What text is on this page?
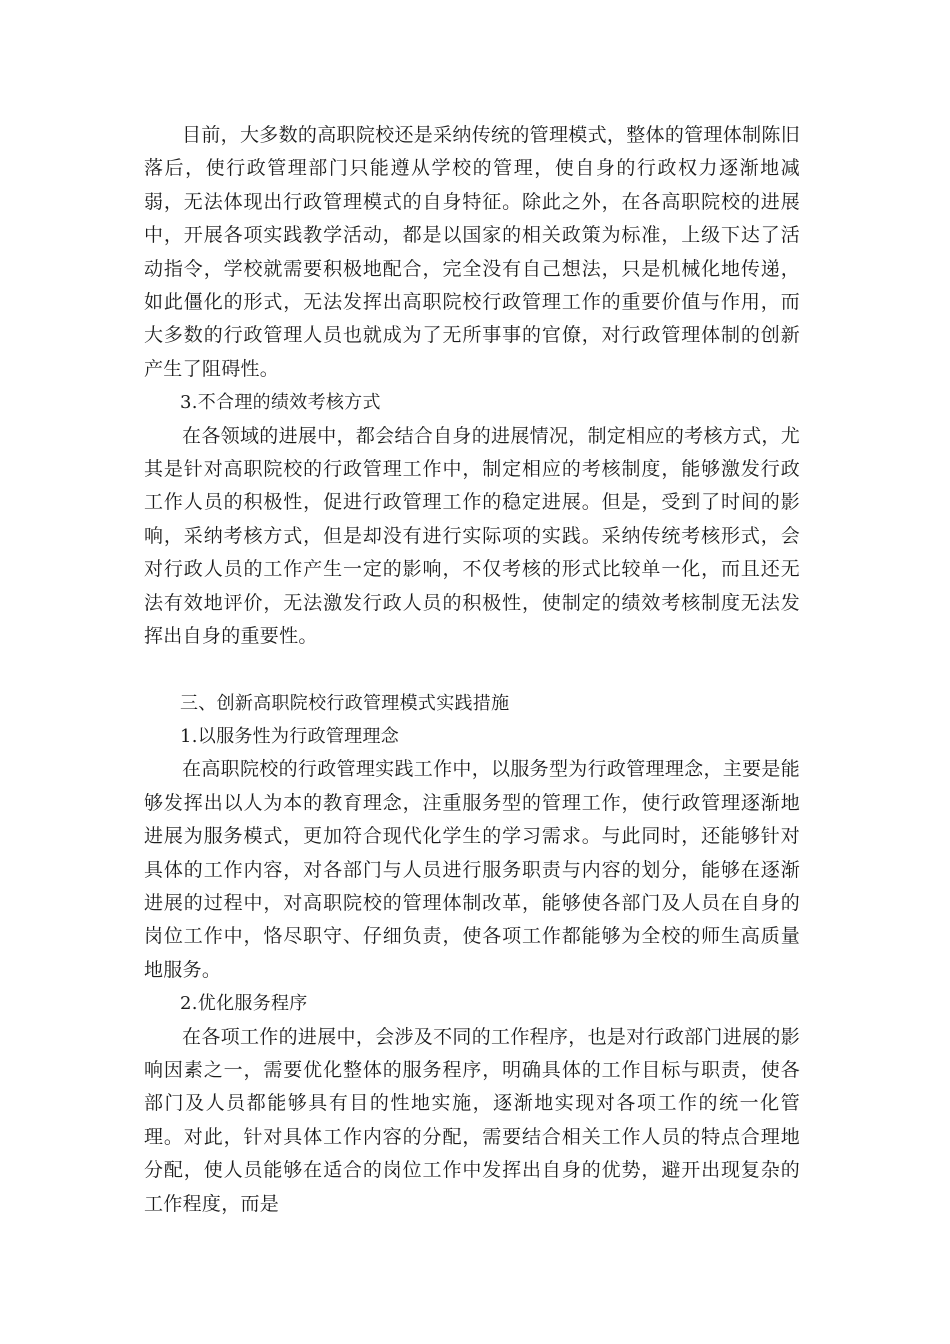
目前，大多数的高职院校还是采纳传统的管理模式，整体的管理体制陈旧落后，使行政管理部门只能遵从学校的管理，使自身的行政权力逐渐地减弱，无法体现出行政管理模式的自身特征。除此之外，在各高职院校的进展中，开展各项实践教学活动，都是以国家的相关政策为标准，上级下达了活动指令，学校就需要积极地配合，完全没有自己想法，只是机械化地传递，如此僵化的形式，无法发挥出高职院校行政管理工作的重要价值与作用，而大多数的行政管理人员也就成为了无所事事的官僚，对行政管理体制的创新产生了阻碍性。

3.不合理的绩效考核方式

在各领域的进展中，都会结合自身的进展情况，制定相应的考核方式，尤其是针对高职院校的行政管理工作中，制定相应的考核制度，能够激发行政工作人员的积极性，促进行政管理工作的稳定进展。但是，受到了时间的影响，采纳考核方式，但是却没有进行实际项的实践。采纳传统考核形式，会对行政人员的工作产生一定的影响，不仅考核的形式比较单一化，而且还无法有效地评价，无法激发行政人员的积极性，使制定的绩效考核制度无法发挥出自身的重要性。

三、创新高职院校行政管理模式实践措施

1.以服务性为行政管理理念

在高职院校的行政管理实践工作中，以服务型为行政管理理念，主要是能够发挥出以人为本的教育理念，注重服务型的管理工作，使行政管理逐渐地进展为服务模式，更加符合现代化学生的学习需求。与此同时，还能够针对具体的工作内容，对各部门与人员进行服务职责与内容的划分，能够在逐渐进展的过程中，对高职院校的管理体制改革，能够使各部门及人员在自身的岗位工作中，恪尽职守、仔细负责，使各项工作都能够为全校的师生高质量地服务。

2.优化服务程序

在各项工作的进展中，会涉及不同的工作程序，也是对行政部门进展的影响因素之一，需要优化整体的服务程序，明确具体的工作目标与职责，使各部门及人员都能够具有目的性地实施，逐渐地实现对各项工作的统一化管理。对此，针对具体工作内容的分配，需要结合相关工作人员的特点合理地分配，使人员能够在适合的岗位工作中发挥出自身的优势，避开出现复杂的工作程度，而是
